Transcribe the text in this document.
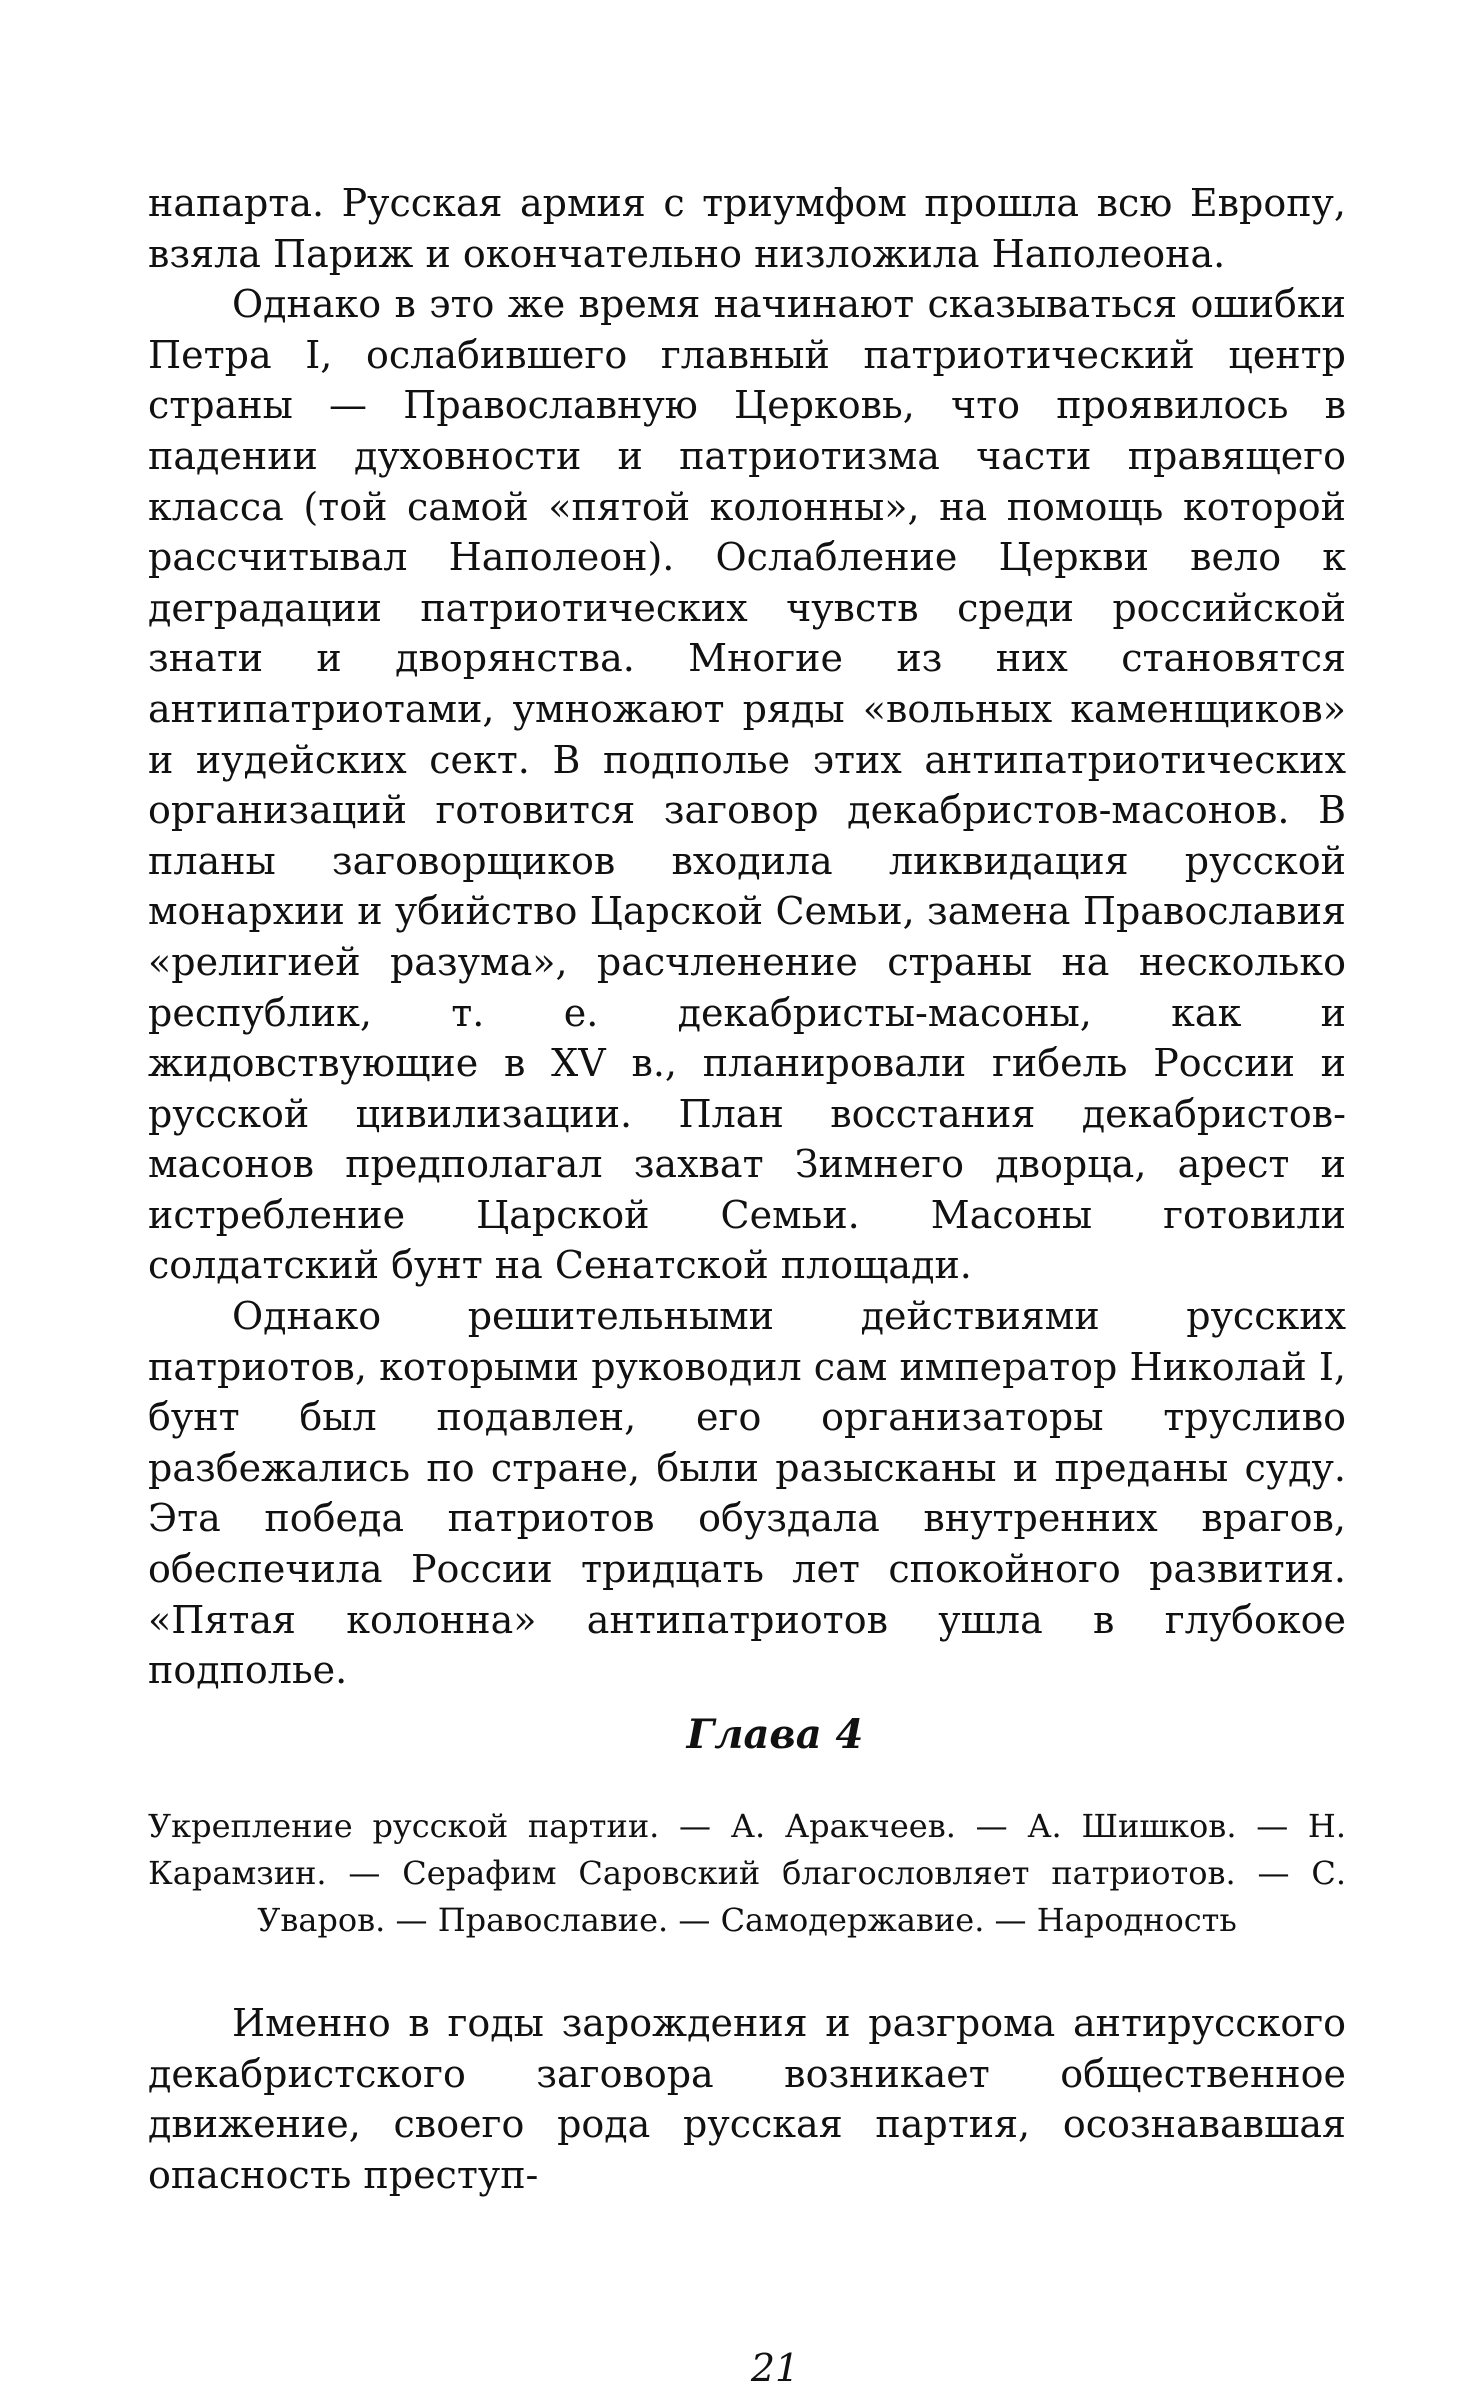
напарта. Русская армия с триумфом прошла всю Европу, взяла Париж и окончательно низложила Наполеона.

Однако в это же время начинают сказываться ошибки Петра I, ослабившего главный патриотический центр страны — Православную Церковь, что проявилось в падении духовности и патриотизма части правящего класса (той самой «пятой колонны», на помощь которой рассчитывал Наполеон). Ослабление Церкви вело к деградации патриотических чувств среди российской знати и дворянства. Многие из них становятся антипатриотами, умножают ряды «вольных каменщиков» и иудейских сект. В подполье этих антипатриотических организаций готовится заговор декабристов-масонов. В планы заговорщиков входила ликвидация русской монархии и убийство Царской Семьи, замена Православия «религией разума», расчленение страны на несколько республик, т. е. декабристы-масоны, как и жидовствующие в XV в., планировали гибель России и русской цивилизации. План восстания декабристов-масонов предполагал захват Зимнего дворца, арест и истребление Царской Семьи. Масоны готовили солдатский бунт на Сенатской площади.

Однако решительными действиями русских патриотов, которыми руководил сам император Николай I, бунт был подавлен, его организаторы трусливо разбежались по стране, были разысканы и преданы суду. Эта победа патриотов обуздала внутренних врагов, обеспечила России тридцать лет спокойного развития. «Пятая колонна» антипатриотов ушла в глубокое подполье.

Глава 4

Укрепление русской партии. — А. Аракчеев. — А. Шишков. — Н. Карамзин. — Серафим Саровский благословляет патриотов. — С. Уваров. — Православие. — Самодержавие. — Народность

Именно в годы зарождения и разгрома антирусского декабристского заговора возникает общественное движение, своего рода русская партия, осознававшая опасность преступ-

21
